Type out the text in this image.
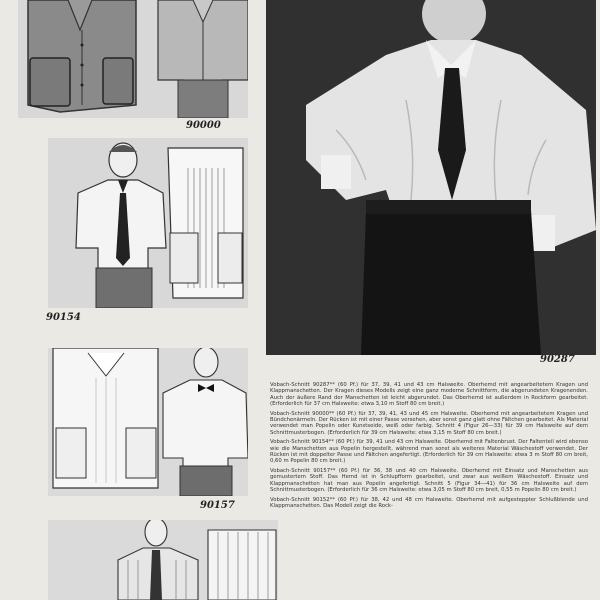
90000
90154
90157
90287

Vobach-Schnitt 90287** (60 Pf.) für 37, 39, 41 und 43 cm Halsweite. Oberhemd mit angearbeitetem Kragen und Klappmanschetten. Der Kragen dieses Modells zeigt eine ganz moderne Schnittform, die abgerundeten Kragenenden. Auch der äußere Rand der Manschetten ist leicht abgerundet. Das Oberhemd ist außerdem in Rockform gearbeitet. (Erforderlich für 37 cm Halsweite: etwa 3,10 m Stoff 80 cm breit.)

Vobach-Schnitt 90000** (60 Pf.) für 37, 39, 41, 43 und 45 cm Halsweite. Oberhemd mit angearbeitetem Kragen und Bündchenärmeln. Der Rücken ist mit einer Passe versehen, aber sonst ganz glatt ohne Fältchen gearbeitet. Als Material verwendet man Popelin oder Kunstseide, weiß oder farbig. Schnitt 4 (Figur 26—33) für 39 cm Halsweite auf dem Schnittmusterbogen. (Erforderlich für 39 cm Halsweite: etwa 3,15 m Stoff 80 cm breit.)

Vobach-Schnitt 90154** (60 Pf.) für 39, 41 und 43 cm Halsweite. Oberhemd mit Faltenbrust. Der Faltenteil wird ebenso wie die Manschetten aus Popelin hergestellt, während man sonst als weiteres Material Wäschestoff verwendet. Der Rücken ist mit doppelter Passe und Fältchen angefertigt. (Erforderlich für 39 cm Halsweite: etwa 3 m Stoff 80 cm breit, 0,60 m Popelin 80 cm breit.)

Vobach-Schnitt 90157** (60 Pf.) für 36, 38 und 40 cm Halsweite. Oberhemd mit Einsatz und Manschetten aus gemustertem Stoff. Das Hemd ist in Schlupfform gearbeitet, und zwar aus weißem Wäschestoff. Einsatz und Klappmanschetten hat man aus Popelin angefertigt. Schnitt 5 (Figur 34—41) für 36 cm Halsweite auf dem Schnittmusterbogen. (Erforderlich für 36 cm Halsweite: etwa 3,05 m Stoff 80 cm breit, 0,55 m Popelin 80 cm breit.)

Vobach-Schnitt 90152** (60 Pf.) für 38, 42 und 48 cm Halsweite. Oberhemd mit aufgesteppter Schlußblende und Klappmanschetten. Das Modell zeigt die Rock-
